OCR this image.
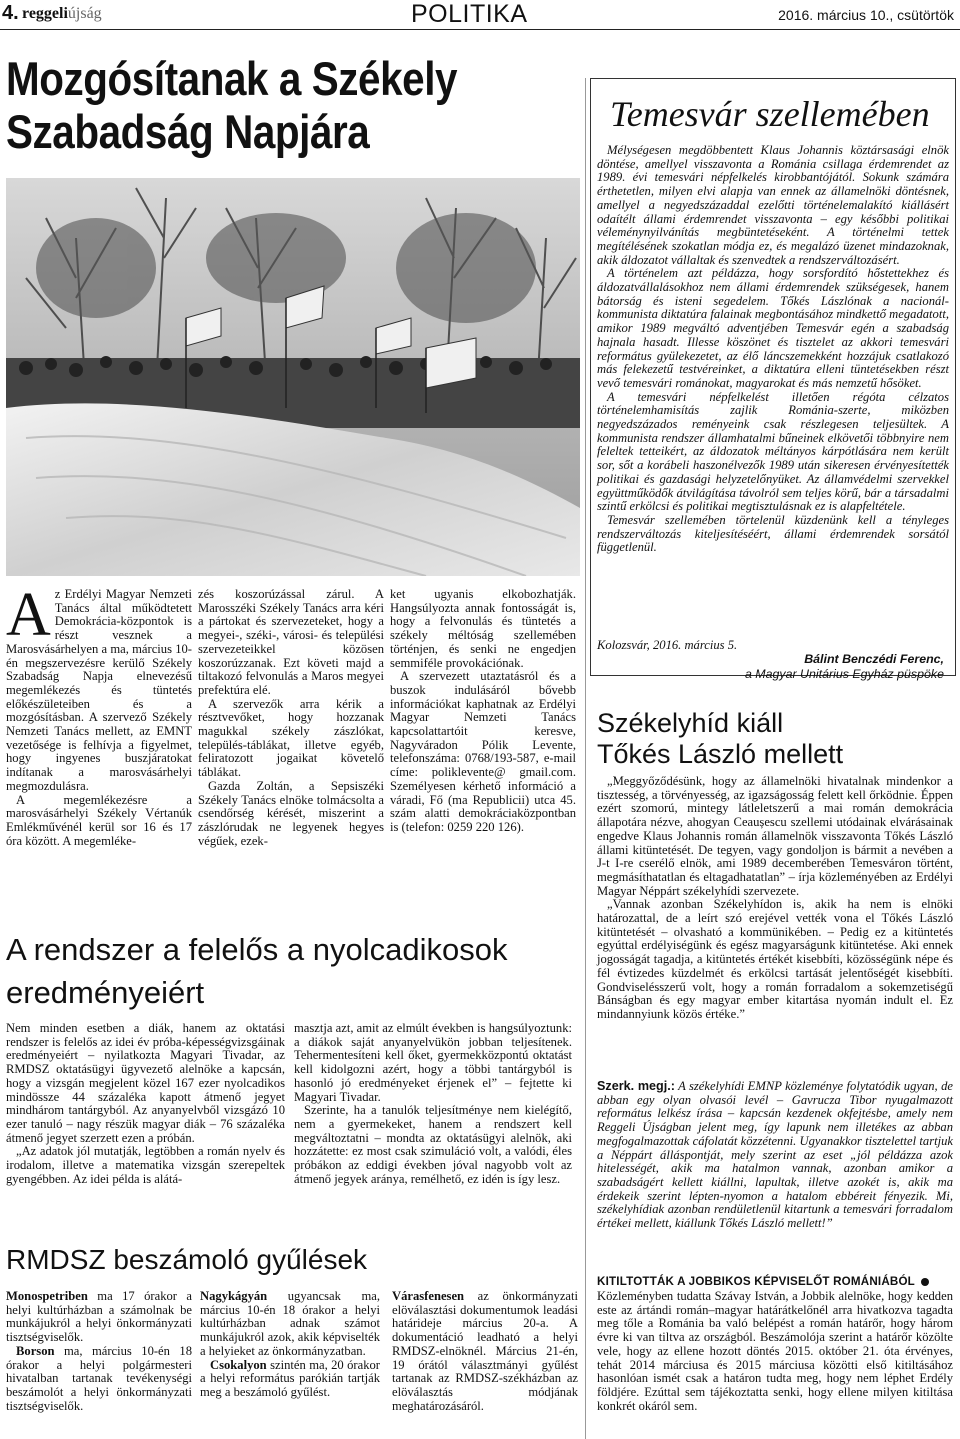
4. reggeliújság	POLITIKA	2016. március 10., csütörtök
Mozgósítanak a Székely
Szabadság Napjára

Az Erdélyi Magyar Nemzeti Tanács által működtetett Demokrácia-központok is részt vesznek a Marosvásárhelyen a ma, március 10-én megszervezésre kerülő Székely Szabadság Napja elnevezésű megemlékezés és tüntetés előkészületeiben és a mozgósításban. A szervező Székely Nemzeti Tanács mellett, az EMNT vezetősége is felhívja a figyelmet, hogy ingyenes buszjáratokat indítanak a marosvásárhelyi megmozdulásra.

A megemlékezésre a marosvásárhelyi Székely Vértanúk Emlékművénél kerül sor 16 és 17 óra között. A megemléke-

zés koszorúzással zárul. A Marosszéki Székely Tanács arra kéri a pártokat és szervezeteket, hogy a megyei-, széki-, városi- és települési szervezeteikkel közösen koszorúzzanak. Ezt követi majd a tiltakozó felvonulás a Maros megyei prefektúra elé.

A szervezők arra kérik a résztvevőket, hogy hozzanak magukkal székely zászlókat, település-táblákat, illetve egyéb, feliratozott jogaikat követelő táblákat.

Gazda Zoltán, a Sepsiszéki Székely Tanács elnöke tolmácsolta a csendőrség kérését, miszerint a zászlórudak ne legyenek hegyes végűek, ezek-

ket ugyanis elkobozhatják. Hangsúlyozta annak fontosságát is, hogy a felvonulás és tüntetés a székely méltóság szellemében történjen, és senki ne engedjen semmiféle provokációnak.

A szervezett utaztatásról és a buszok indulásáról bővebb információkat kaphatnak az Erdélyi Magyar Nemzeti Tanács kapcsolattartóit keresve, Nagyváradon Pólik Levente, telefonszáma: 0768/193-587, e-mail címe: poliklevente@ gmail.com. Személyesen kérhető információ a váradi, Fő (ma Republicii) utca 45. szám alatti demokráciaközpontban is (telefon: 0259 220 126).

A rendszer a felelős a nyolcadikosok eredményeiért

Nem minden esetben a diák, hanem az oktatási rendszer is felelős az idei év próba-képességvizsgáinak eredményeiért – nyilatkozta Magyari Tivadar, az RMDSZ oktatásügyi ügyvezető alelnöke a kapcsán, hogy a vizsgán megjelent közel 167 ezer nyolcadikos mindössze 44 százaléka kapott átmenő jegyet mindhárom tantárgyból. Az anyanyelvből vizsgázó 10 ezer tanuló – nagy részük magyar diák – 76 százaléka átmenő jegyet szerzett ezen a próbán.

„Az adatok jól mutatják, legtöbben a román nyelv és irodalom, illetve a matematika vizsgán szerepeltek gyengébben. Az idei példa is alátá-

masztja azt, amit az elmúlt években is hangsúlyoztunk: a diákok saját anyanyelvükön jobban teljesítenek. Tehermentesíteni kell őket, gyermekközpontú oktatást kell kidolgozni azért, hogy a többi tantárgyból is hasonló jó eredményeket érjenek el” – fejtette ki Magyari Tivadar.

Szerinte, ha a tanulók teljesítménye nem kielégítő, nem a gyermekeket, hanem a rendszert kell megváltoztatni – mondta az oktatásügyi alelnök, aki hozzátette: ez most csak szimuláció volt, a valódi, éles próbákon az eddigi években jóval nagyobb volt az átmenő jegyek aránya, remélhető, ez idén is így lesz.

RMDSZ beszámoló gyűlések

Monospetriben ma 17 órakor a helyi kultúrházban a számolnak be munkájukról a helyi önkormányzati tisztségviselők.

Borson ma, március 10-én 18 órakor a helyi polgármesteri hivatalban tartanak tevékenységi beszámolót a helyi önkormányzati tisztségviselők.

Nagykágyán ugyancsak ma, március 10-én 18 órakor a helyi kultúrházban adnak számot munkájukról azok, akik képviselték a helyieket az önkormányzatban.

Csokalyon szintén ma, 20 órakor a helyi református parókián tartják meg a beszámoló gyűlést.

Várasfenesen az önkormányzati elöválasztási dokumentumok leadási határideje március 20-a. A dokumentáció leadható a helyi RMDSZ-elnöknél. Március 21-én, 19 órától választmányi gyűlést tartanak az RMDSZ-székházban az elöválasztás módjának meghatározásáról.

Temesvár szellemében

Mélységesen megdöbbentett Klaus Johannis köztársasági elnök döntése, amellyel visszavonta a Románia csillaga érdemrendet az 1989. évi temesvári népfelkelés kirobbantójától. Sokunk számára érthetetlen, milyen elvi alapja van ennek az államelnöki döntésnek, amellyel a negyedszázaddal ezelőtti történelemalakító kiállásért odaítélt állami érdemrendet visszavonta – egy későbbi politikai véleménynyilvánítás megbüntetéseként. A történelmi tettek megítélésének szokatlan módja ez, és megalázó üzenet mindazoknak, akik áldozatot vállaltak és szenvedtek a rendszerváltozásért.

A történelem azt példázza, hogy sorsfordító hőstettekhez és áldozatvállalásokhoz nem állami érdemrendek szükségesek, hanem bátorság és isteni segedelem. Tőkés Lászlónak a nacionál-kommunista diktatúra falainak megbontásához mindkettő megadatott, amikor 1989 megváltó adventjében Temesvár egén a szabadság hajnala hasadt. Illesse köszönet és tisztelet az akkori temesvári református gyülekezetet, az élő láncszemekként hozzájuk csatlakozó más felekezetű testvéreinket, a diktatúra elleni tüntetésekben részt vevő temesvári románokat, magyarokat és más nemzetű hősöket.

A temesvári népfelkelést illetően régóta célzatos történelemhamisítás zajlik Románia-szerte, miközben negyedszázados reményeink csak részlegesen teljesültek. A kommunista rendszer államhatalmi bűneinek elkövetői többnyire nem feleltek tetteikért, az áldozatok méltányos kárpótlására nem került sor, sőt a korábeli haszonélvezők 1989 után sikeresen érvényesítették politikai és gazdasági helyzetelőnyüket. Az államvédelmi szervekkel együttműködők átvilágítása távolról sem teljes körű, bár a társadalmi szintű erkölcsi és politikai megtisztulásnak ez is alapfeltétele.

Temesvár szellemében törtelenül küzdenünk kell a tényleges rendszerváltozás kiteljesítéséért, állami érdemrendek sorsától függetlenül.

Kolozsvár, 2016. március 5.
Bálint Benczédi Ferenc,
a Magyar Unitárius Egyház püspöke
Székelyhíd kiáll
Tőkés László mellett

„Meggyőződésünk, hogy az államelnöki hivatalnak mindenkor a tisztesség, a törvényesség, az igazságosság felett kell őrködnie. Éppen ezért szomorú, mintegy látleletszerű a mai román demokrácia állapotára nézve, ahogyan Ceaușescu szellemi utódainak elvárásainak engedve Klaus Johannis román államelnök visszavonta Tőkés László állami kitüntetését. De tegyen, vagy gondoljon is bármit a nevében a J-t I-re cserélő elnök, ami 1989 decemberében Temesváron történt, megmásíthatatlan és eltagadhatatlan” – írja közleményében az Erdélyi Magyar Néppárt székelyhídi szervezete.

„Vannak azonban Székelyhídon is, akik ha nem is elnöki határozattal, de a leírt szó erejével vették vona el Tőkés László kitüntetését – olvasható a kommünikében. – Pedig ez a kitüntetés egyúttal erdélyiségünk és egész magyarságunk kitüntetése. Aki ennek jogosságát tagadja, a kitüntetés értékét kisebbíti, közösségünk népe és fél évtizedes küzdelmét és erkölcsi tartását jelentőségét kisebbíti. Gondviselésszerű volt, hogy a román forradalom a sokemzetiségű Bánságban és egy magyar ember kitartása nyomán indult el. Ez mindannyiunk közös értéke.”

Szerk. megj.: A székelyhídi EMNP közleménye folytatódik ugyan, de abban egy olyan olvasói levél – Gavrucza Tibor nyugalmazott református lelkész írása – kapcsán kezdenek okfejtésbe, amely nem Reggeli Újságban jelent meg, így lapunk nem illetékes az abban megfogalmazottak cáfolatát közzétenni. Ugyanakkor tisztelettel tartjuk a Néppárt álláspontját, mely szerint az eset „jól példázza azok hitelességét, akik ma hatalmon vannak, azonban amikor a szabadságért kellett kiállni, lapultak, illetve azokét is, akik ma érdekeik szerint lépten-nyomon a hatalom ebbéreit fényezik. Mi, székelyhídiak azonban rendületlenül kitartunk a temesvári forradalom értékei mellett, kiállunk Tőkés László mellett!”

KITILTOTTÁK A JOBBIKOS KÉPVISELŐT ROMÁNIÁBÓL

Közleményben tudatta Szávay István, a Jobbik alelnöke, hogy kedden este az ártándi román–magyar határátkelőnél arra hivatkozva tagadta meg tőle a Románia ba való belépést a román határőr, hogy három évre ki van tiltva az országból. Beszámolója szerint a határőr közölte vele, hogy az ellene hozott döntés 2015. október 21. óta érvényes, tehát 2014 márciusa és 2015 márciusa közötti első kitiltásához hasonlóan ismét csak a határon tudta meg, hogy nem léphet Erdély földjére. Ezúttal sem tájékoztatta senki, hogy ellene milyen kitiltása konkrét okáról sem.
